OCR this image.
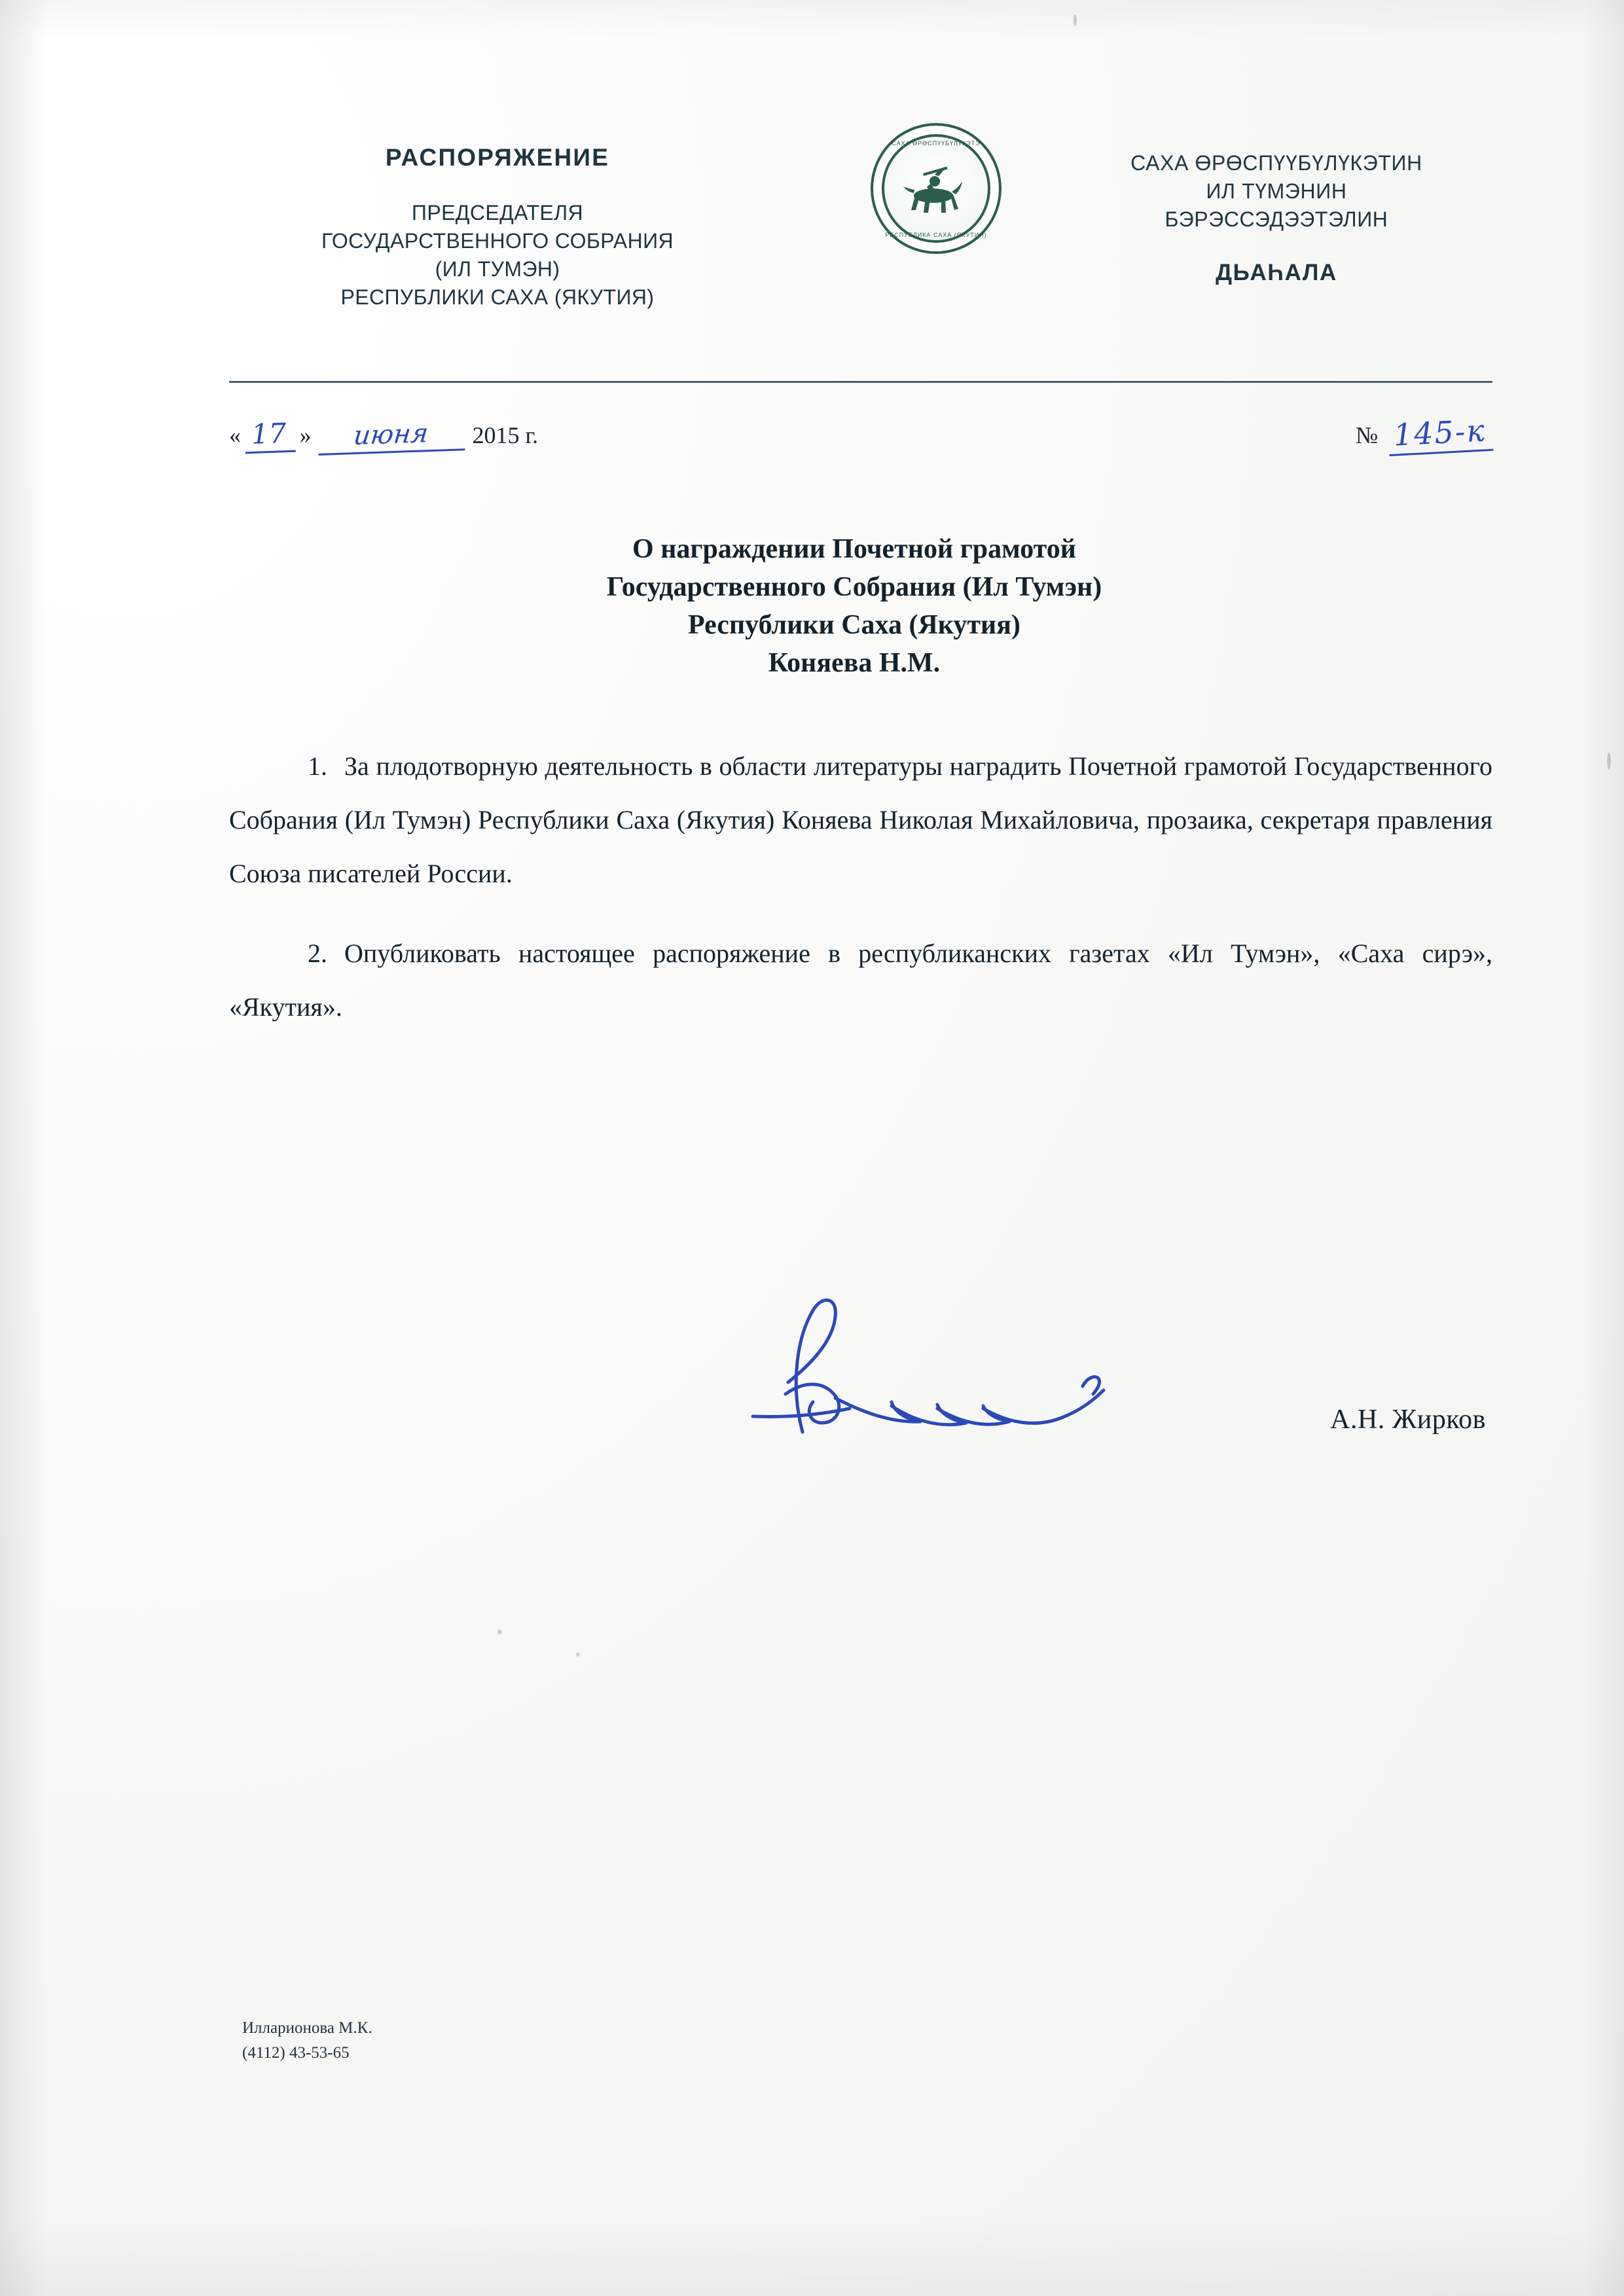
РАСПОРЯЖЕНИЕ
ПРЕДСЕДАТЕЛЯ
ГОСУДАРСТВЕННОГО СОБРАНИЯ
(ИЛ ТУМЭН)
РЕСПУБЛИКИ САХА (ЯКУТИЯ)
САХА ӨРӨСПҮҮБҮЛҮКЭТЭ
РЕСПУБЛИКА САХА (ЯКУТИЯ)
САХА ӨРӨСПҮҮБҮЛҮКЭТИН
ИЛ ТҮМЭНИН
БЭРЭССЭДЭЭТЭЛИН
ДЬАҺАЛА
« 17 »	июня	2015 г.	№ 145-к
О награждении Почетной грамотой
Государственного Собрания (Ил Тумэн)
Республики Саха (Якутия)
Коняева Н.М.

1. За плодотворную деятельность в области литературы наградить Почетной грамотой Государственного Собрания (Ил Тумэн) Республики Саха (Якутия) Коняева Николая Михайловича, прозаика, секретаря правления Союза писателей России.

2. Опубликовать настоящее распоряжение в республиканских газетах «Ил Тумэн», «Саха сирэ», «Якутия».

А.Н. Жирков
Илларионова М.К.
(4112) 43-53-65
